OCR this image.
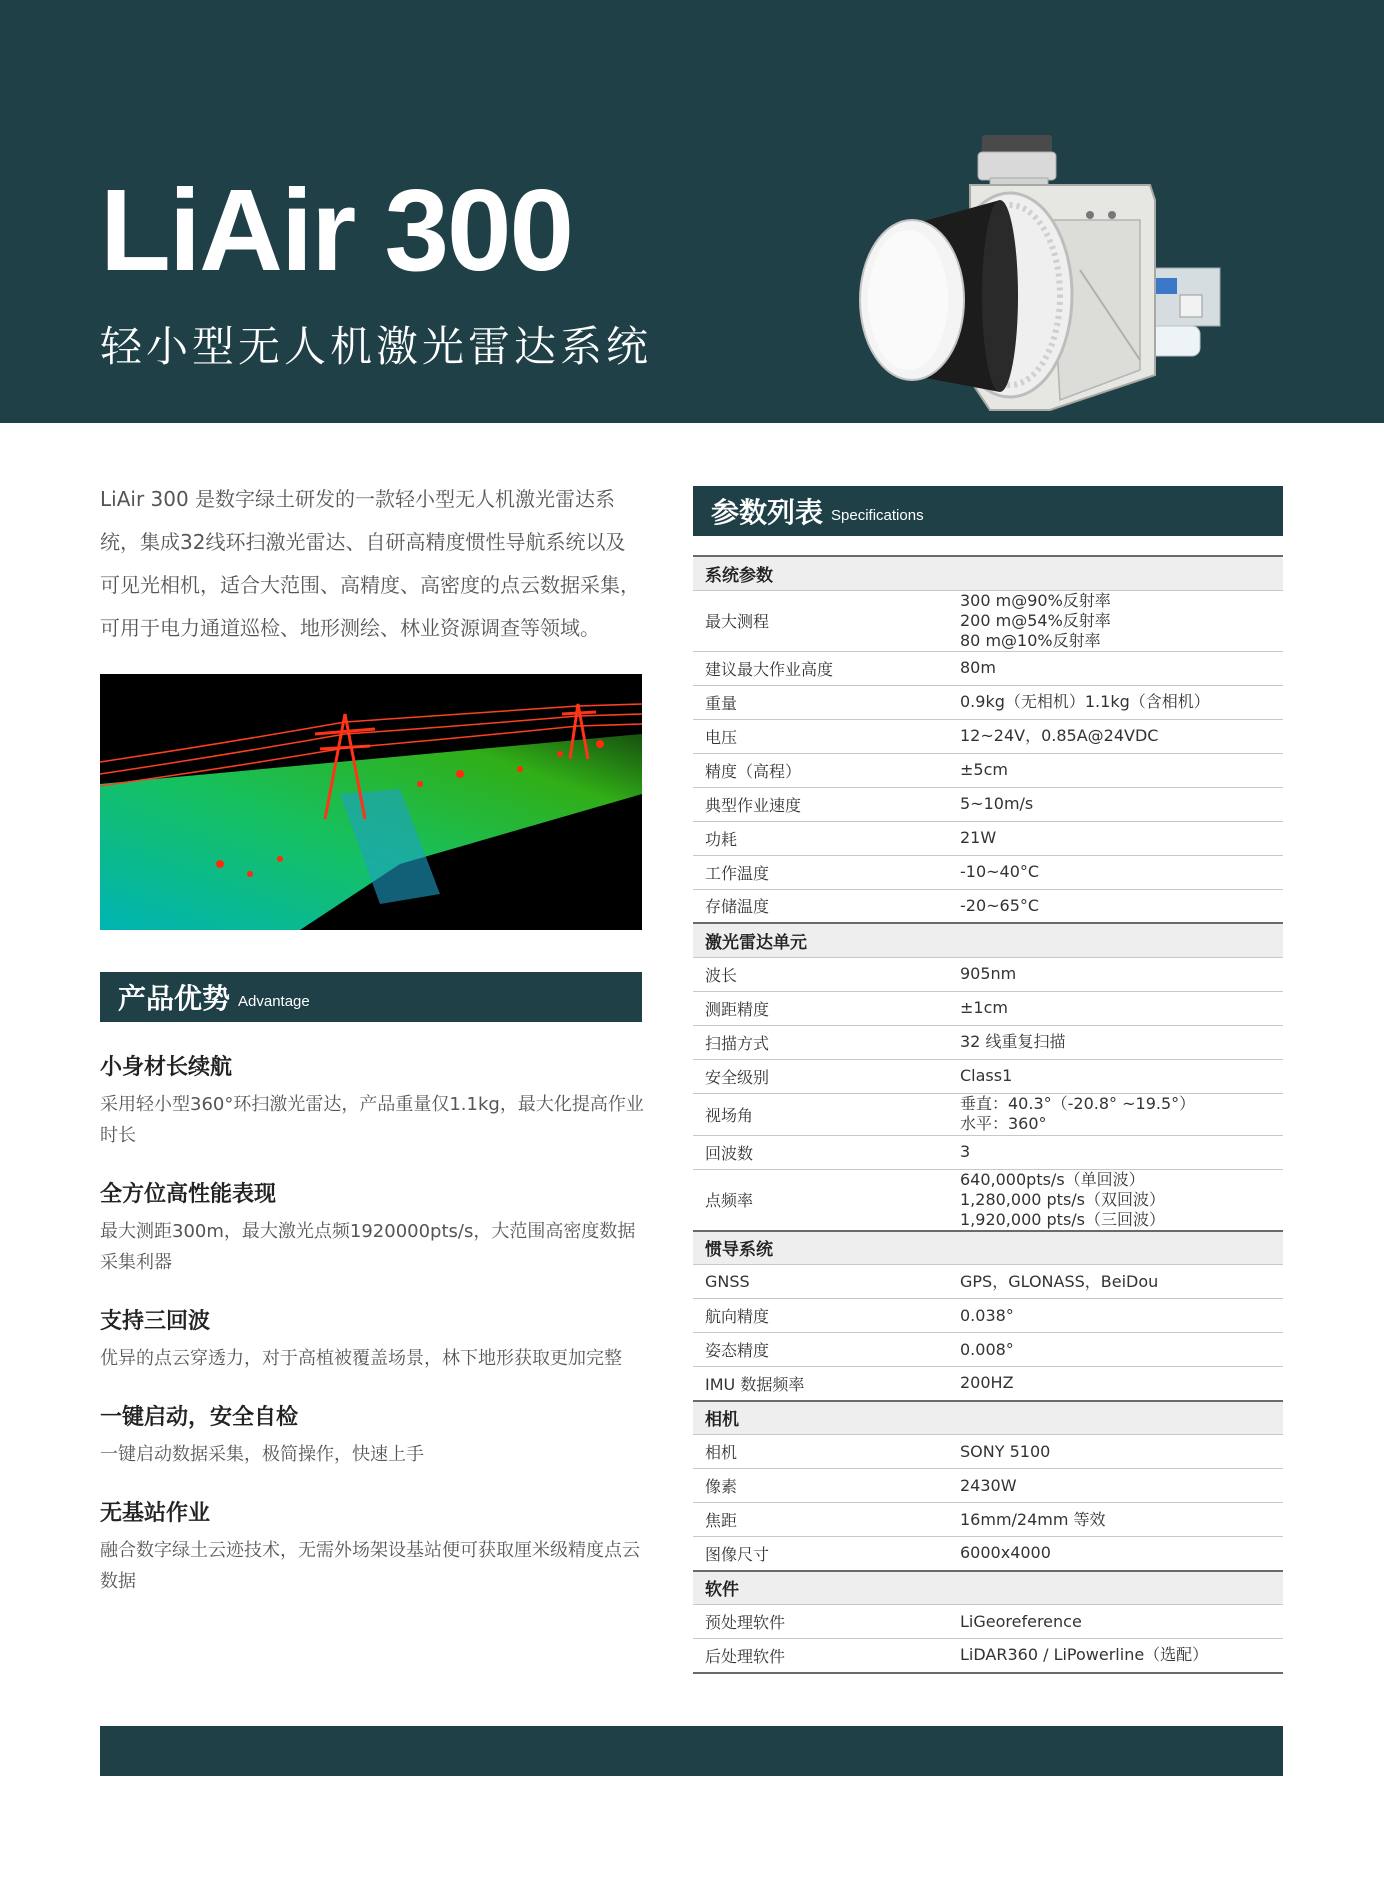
LiAir 300
轻小型无人机激光雷达系统

LiAir 300 是数字绿土研发的一款轻小型无人机激光雷达系统，集成32线环扫激光雷达、自研高精度惯性导航系统以及可见光相机，适合大范围、高精度、高密度的点云数据采集，可用于电力通道巡检、地形测绘、林业资源调查等领域。

产品优势 Advantage
小身材长续航

采用轻小型360°环扫激光雷达，产品重量仅1.1kg，最大化提高作业时长

全方位高性能表现

最大测距300m，最大激光点频1920000pts/s，大范围高密度数据采集利器

支持三回波

优异的点云穿透力，对于高植被覆盖场景，林下地形获取更加完整

一键启动，安全自检

一键启动数据采集，极简操作，快速上手

无基站作业

融合数字绿土云迹技术，无需外场架设基站便可获取厘米级精度点云数据

参数列表 Specifications
系统参数	
最大测程	300 m@90%反射率
200 m@54%反射率
80 m@10%反射率

建议最大作业高度	80m

重量	0.9kg（无相机）1.1kg（含相机）

电压	12~24V，0.85A@24VDC

精度（高程）	±5cm

典型作业速度	5~10m/s

功耗	21W

工作温度	-10~40°C

存储温度	-20~65°C

激光雷达单元	
波长	905nm

测距精度	±1cm

扫描方式	32 线重复扫描

安全级别	Class1

视场角	垂直：40.3°（-20.8° ~19.5°）
水平：360°

回波数	3

点频率	640,000pts/s（单回波）
1,280,000 pts/s（双回波）
1,920,000 pts/s（三回波）

惯导系统	
GNSS	GPS，GLONASS，BeiDou

航向精度	0.038°

姿态精度	0.008°

IMU 数据频率	200HZ

相机	
相机	SONY 5100

像素	2430W

焦距	16mm/24mm 等效

图像尺寸	6000x4000

软件	
预处理软件	LiGeoreference

后处理软件	LiDAR360 / LiPowerline（选配）
